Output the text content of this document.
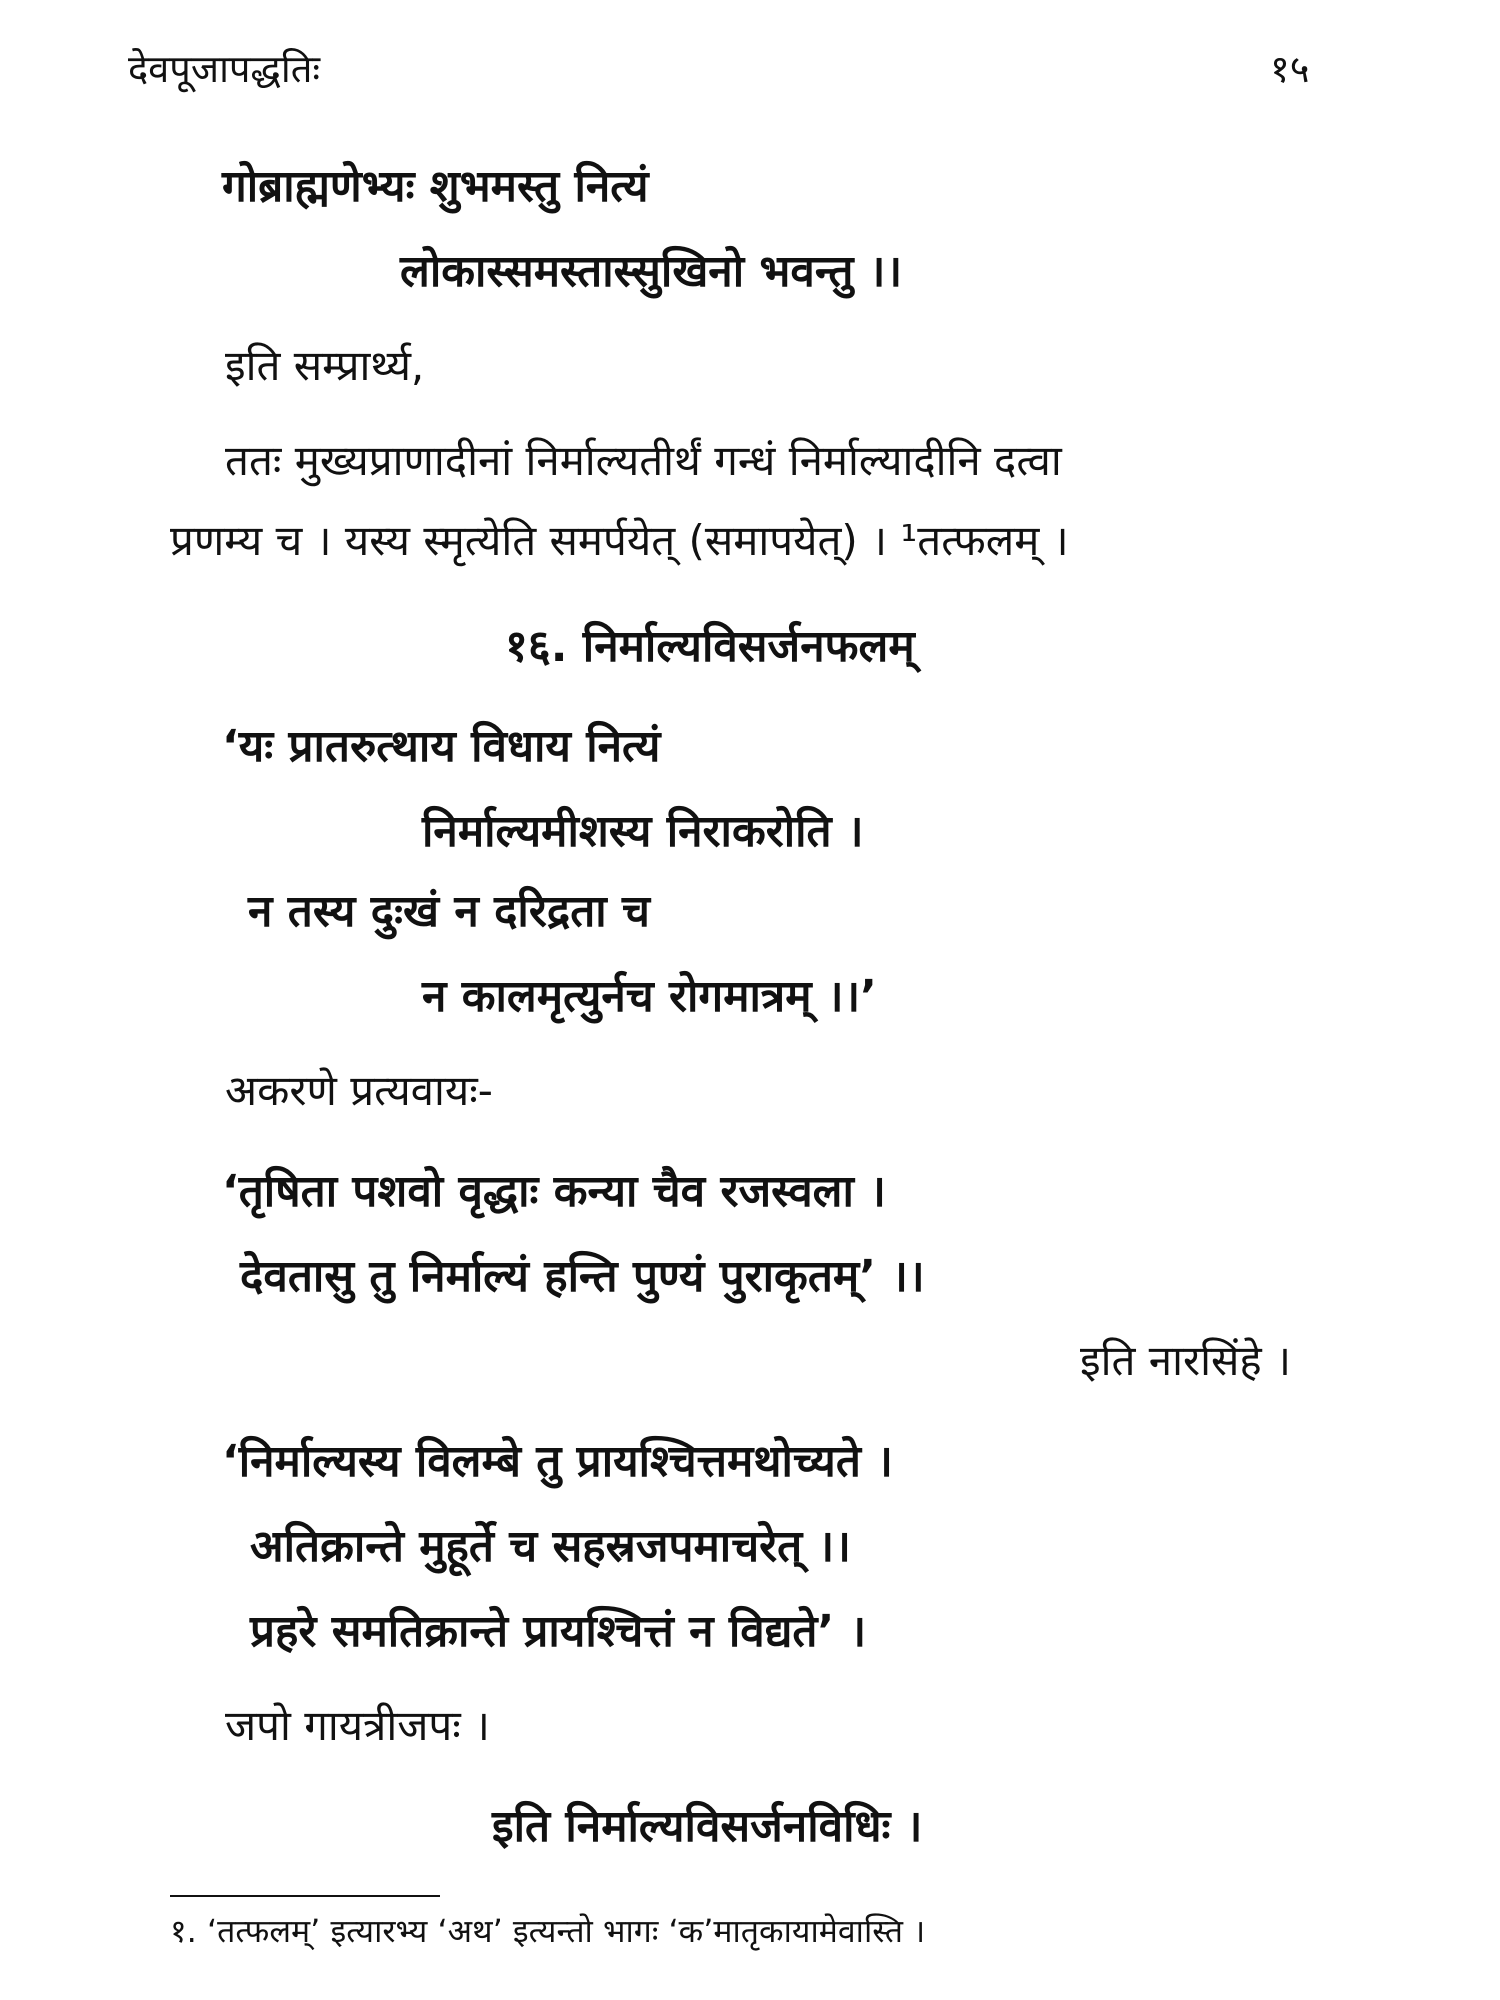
देवपूजापद्धतिः	१५
गोब्राह्मणेभ्यः शुभमस्तु नित्यं
लोकास्समस्तास्सुखिनो भवन्तु ।।
इति सम्प्रार्थ्य,
ततः मुख्यप्राणादीनां निर्माल्यतीर्थं गन्धं निर्माल्यादीनि दत्वा
प्रणम्य च । यस्य स्मृत्येति समर्पयेत् (समापयेत्) । ¹तत्फलम् ।
१६. निर्माल्यविसर्जनफलम्
‘यः प्रातरुत्थाय विधाय नित्यं
निर्माल्यमीशस्य निराकरोति ।
न तस्य दुःखं न दरिद्रता च
न कालमृत्युर्नच रोगमात्रम् ।।’
अकरणे प्रत्यवायः-
‘तृषिता पशवो वृद्धाः कन्या चैव रजस्वला ।
देवतासु तु निर्माल्यं हन्ति पुण्यं पुराकृतम्’ ।।
इति नारसिंहे ।
‘निर्माल्यस्य विलम्बे तु प्रायश्चित्तमथोच्यते ।
अतिक्रान्ते मुहूर्ते च सहस्रजपमाचरेत् ।।
प्रहरे समतिक्रान्ते प्रायश्चित्तं न विद्यते’ ।
जपो गायत्रीजपः ।
इति निर्माल्यविसर्जनविधिः ।
१. ‘तत्फलम्’ इत्यारभ्य ‘अथ’ इत्यन्तो भागः ‘क’मातृकायामेवास्ति ।
